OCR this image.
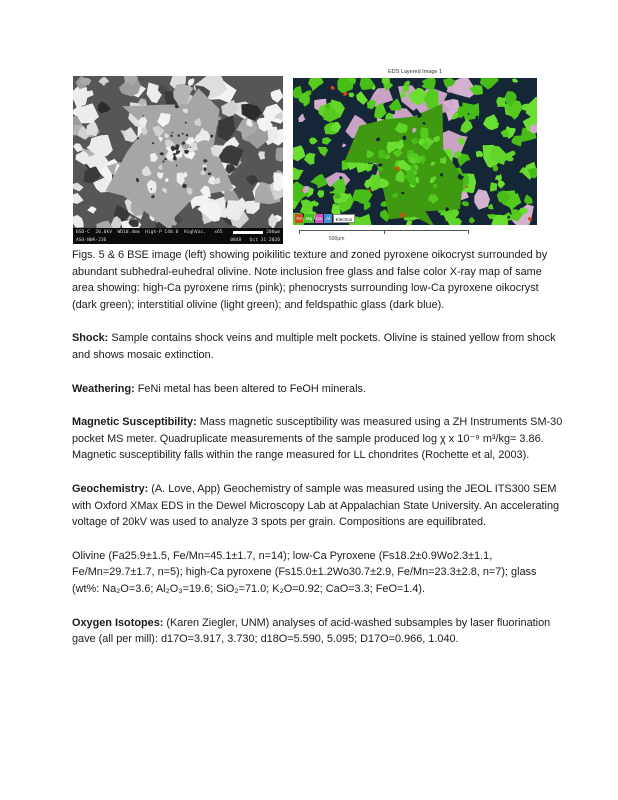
BSD-C  20.0kV  WD10.4mm  High-P C40.0  HighVac.   x65	200μm
ASU-NWA-236	0848   Oct 31 2020
EDS Layered Image 1
Fe Mg Ca Al	Electron
500μm

Figs. 5 & 6 BSE image (left) showing poikilitic texture and zoned pyroxene oikocryst surrounded by abundant subhedral-euhedral olivine. Note inclusion free glass and false color X-ray map of same area showing: high-Ca pyroxene rims (pink); phenocrysts surrounding low-Ca pyroxene oikocryst (dark green); interstitial olivine (light green); and feldspathic glass (dark blue).

Shock: Sample contains shock veins and multiple melt pockets. Olivine is stained yellow from shock and shows mosaic extinction.

Weathering: FeNi metal has been altered to FeOH minerals.

Magnetic Susceptibility: Mass magnetic susceptibility was measured using a ZH Instruments SM-30 pocket MS meter. Quadruplicate measurements of the sample produced log χ x 10⁻⁹ m³/kg= 3.86. Magnetic susceptibility falls within the range measured for LL chondrites (Rochette et al, 2003).

Geochemistry: (A. Love, App) Geochemistry of sample was measured using the JEOL ITS300 SEM with Oxford XMax EDS in the Dewel Microscopy Lab at Appalachian State University. An accelerating voltage of 20kV was used to analyze 3 spots per grain. Compositions are equilibrated.

Olivine (Fa25.9±1.5, Fe/Mn=45.1±1.7, n=14); low-Ca Pyroxene (Fs18.2±0.9Wo2.3±1.1, Fe/Mn=29.7±1.7, n=5); high-Ca pyroxene (Fs15.0±1.2Wo30.7±2.9, Fe/Mn=23.3±2.8, n=7); glass (wt%: Na₂O=3.6; Al₂O₃=19.6; SiO₂=71.0; K₂O=0.92; CaO=3.3; FeO=1.4).

Oxygen Isotopes: (Karen Ziegler, UNM) analyses of acid-washed subsamples by laser fluorination gave (all per mill): d17O=3.917, 3.730; d18O=5.590, 5.095; D17O=0.966, 1.040.
